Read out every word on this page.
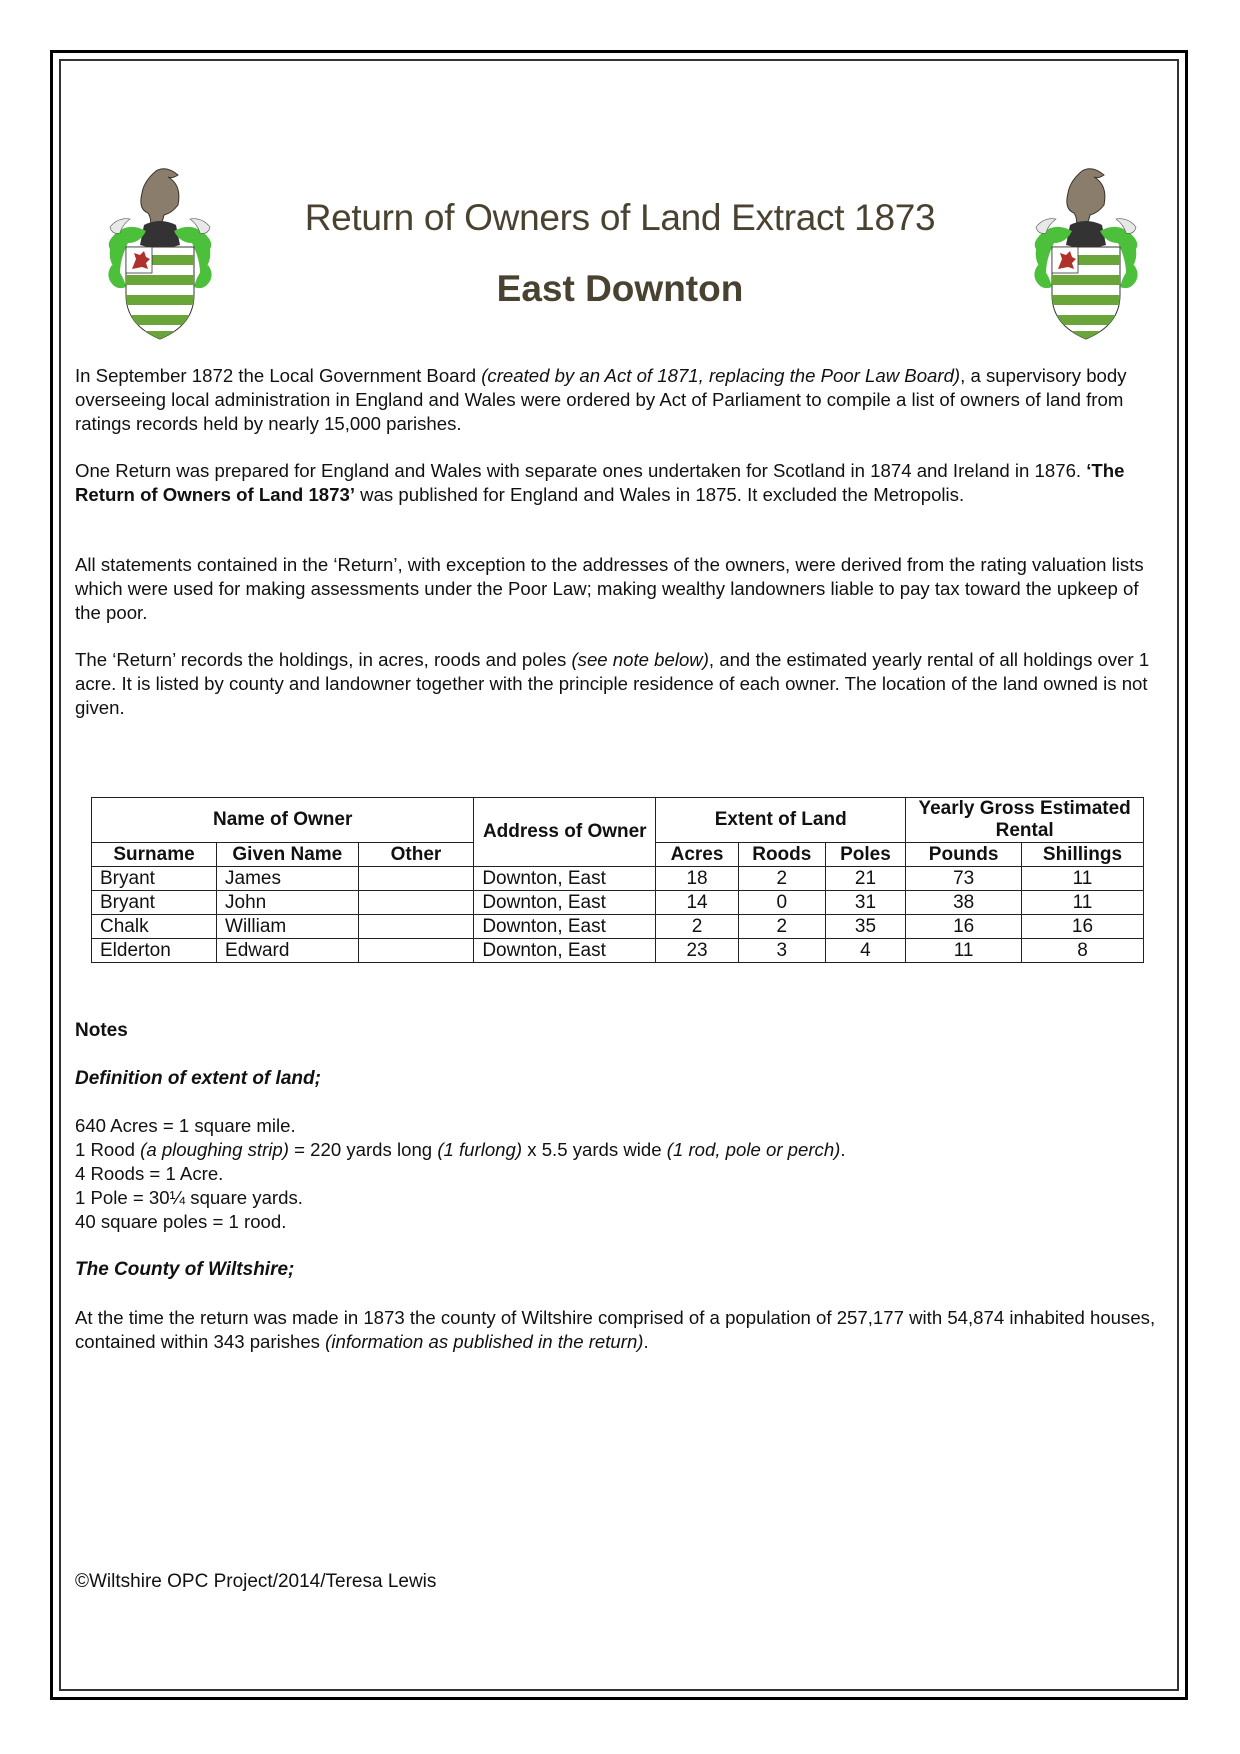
Return of Owners of Land Extract 1873
East Downton

In September 1872 the Local Government Board (created by an Act of 1871, replacing the Poor Law Board), a supervisory body overseeing local administration in England and Wales were ordered by Act of Parliament to compile a list of owners of land from ratings records held by nearly 15,000 parishes.

One Return was prepared for England and Wales with separate ones undertaken for Scotland in 1874 and Ireland in 1876. ‘The Return of Owners of Land 1873’ was published for England and Wales in 1875. It excluded the Metropolis.

All statements contained in the ‘Return’, with exception to the addresses of the owners, were derived from the rating valuation lists which were used for making assessments under the Poor Law; making wealthy landowners liable to pay tax toward the upkeep of the poor.

The ‘Return’ records the holdings, in acres, roods and poles (see note below), and the estimated yearly rental of all holdings over 1 acre. It is listed by county and landowner together with the principle residence of each owner. The location of the land owned is not given.

Name of Owner			Address of Owner	Extent of Land			Yearly Gross Estimated Rental	
Surname	Given Name	Other		Acres	Roods	Poles	Pounds	Shillings
Bryant	James		Downton, East	18	2	21	73	11
Bryant	John		Downton, East	14	0	31	38	11
Chalk	William		Downton, East	2	2	35	16	16
Elderton	Edward		Downton, East	23	3	4	11	8
Notes
Definition of extent of land;
640 Acres = 1 square mile.
1 Rood (a ploughing strip) = 220 yards long (1 furlong) x 5.5 yards wide (1 rod, pole or perch).
4 Roods = 1 Acre.
1 Pole = 30¼ square yards.
40 square poles = 1 rood.
The County of Wiltshire;

At the time the return was made in 1873 the county of Wiltshire comprised of a population of 257,177 with 54,874 inhabited houses, contained within 343 parishes (information as published in the return).

©Wiltshire OPC Project/2014/Teresa Lewis
